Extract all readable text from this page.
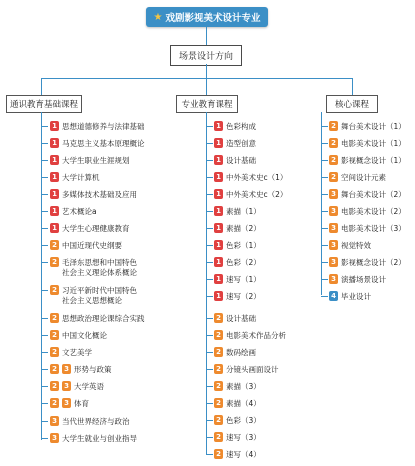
★ 戏剧影视美术设计专业
场景设计方向
通识教育基础课程	专业教育课程	核心课程
1 思想道德修养与法律基础
1 马克思主义基本原理概论
1 大学生职业生涯规划
1 大学计算机
1 多媒体技术基础及应用
1 艺术概论a
1 大学生心理健康教育
2 中国近现代史纲要
2 毛泽东思想和中国特色
社会主义理论体系概论
2 习近平新时代中国特色
社会主义思想概论
2 思想政治理论课综合实践
2 中国文化概论
2 文艺美学
2 3 形势与政策
2 3 大学英语
2 3 体育
3 当代世界经济与政治
3 大学生就业与创业指导
1 色彩构成
1 造型创意
1 设计基础
1 中外美术史c（1）
1 中外美术史c（2）
1 素描（1）
1 素描（2）
1 色彩（1）
1 色彩（2）
1 速写（1）
1 速写（2）
2 设计基础
2 电影美术作品分析
2 数码绘画
2 分镜头画面设计
2 素描（3）
2 素描（4）
2 色彩（3）
2 速写（3）
2 速写（4）
2 舞台美术设计（1）
2 电影美术设计（1）
2 影视概念设计（1）
2 空间设计元素
3 舞台美术设计（2）
3 电影美术设计（2）
3 电影美术设计（3）
3 视觉特效
3 影视概念设计（2）
3 演播场景设计
4 毕业设计
